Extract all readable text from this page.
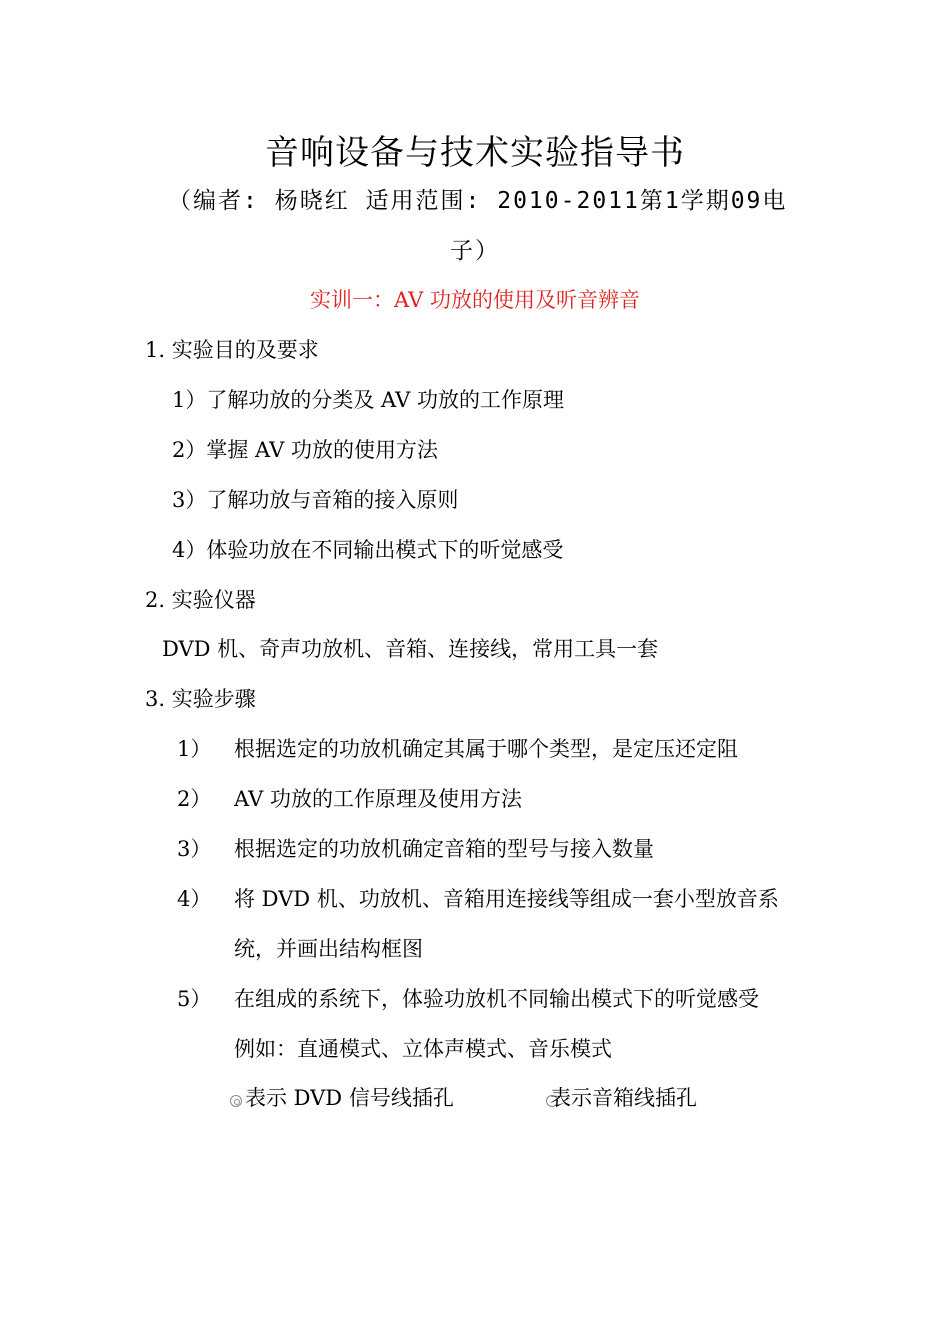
音响设备与技术实验指导书
（编者: 杨晓红 适用范围: 2010-2011第1学期09电
子）
实训一：AV 功放的使用及听音辨音
1. 实验目的及要求
1）了解功放的分类及 AV 功放的工作原理
2）掌握 AV 功放的使用方法
3）了解功放与音箱的接入原则
4）体验功放在不同输出模式下的听觉感受
2. 实验仪器
DVD 机、奇声功放机、音箱、连接线，常用工具一套
3. 实验步骤
1） 根据选定的功放机确定其属于哪个类型，是定压还定阻
2） AV 功放的工作原理及使用方法
3） 根据选定的功放机确定音箱的型号与接入数量
4） 将 DVD 机、功放机、音箱用连接线等组成一套小型放音系
统，并画出结构框图
5） 在组成的系统下，体验功放机不同输出模式下的听觉感受
例如：直通模式、立体声模式、音乐模式
表示 DVD 信号线插孔	表示音箱线插孔
